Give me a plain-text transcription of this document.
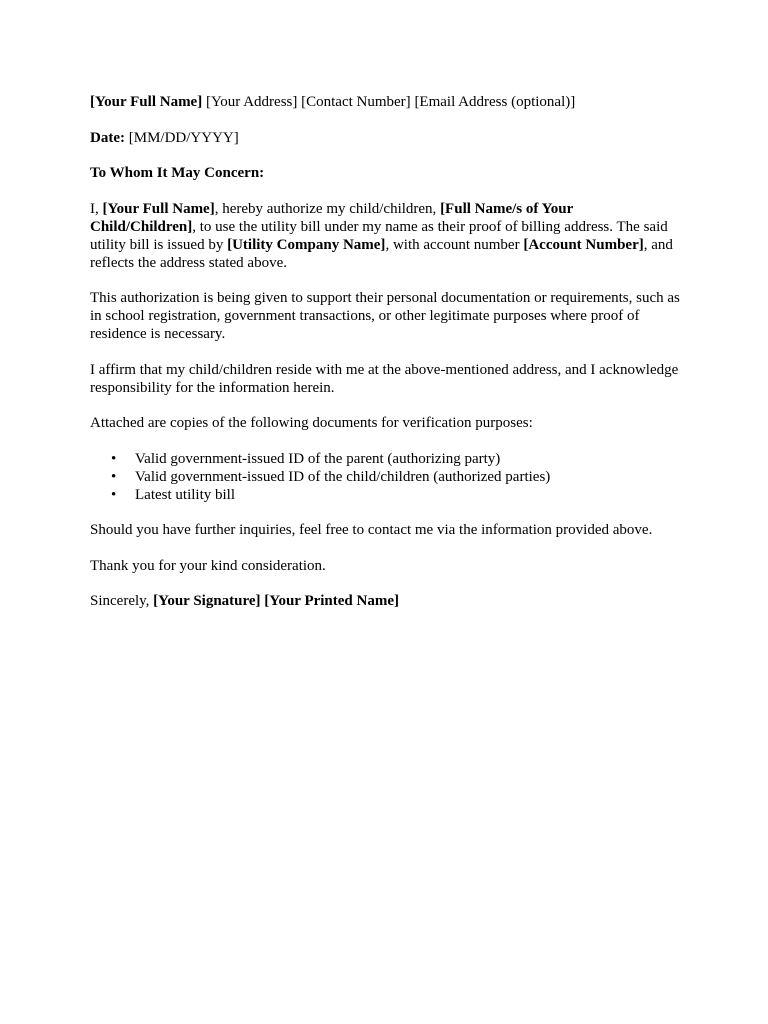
[Your Full Name] [Your Address] [Contact Number] [Email Address (optional)]

Date: [MM/DD/YYYY]

To Whom It May Concern:

I, [Your Full Name], hereby authorize my child/children, [Full Name/s of Your Child/Children], to use the utility bill under my name as their proof of billing address. The said utility bill is issued by [Utility Company Name], with account number [Account Number], and reflects the address stated above.

This authorization is being given to support their personal documentation or requirements, such as in school registration, government transactions, or other legitimate purposes where proof of residence is necessary.

I affirm that my child/children reside with me at the above-mentioned address, and I acknowledge responsibility for the information herein.

Attached are copies of the following documents for verification purposes:

• Valid government-issued ID of the parent (authorizing party)
• Valid government-issued ID of the child/children (authorized parties)
• Latest utility bill

Should you have further inquiries, feel free to contact me via the information provided above.

Thank you for your kind consideration.

Sincerely, [Your Signature] [Your Printed Name]
